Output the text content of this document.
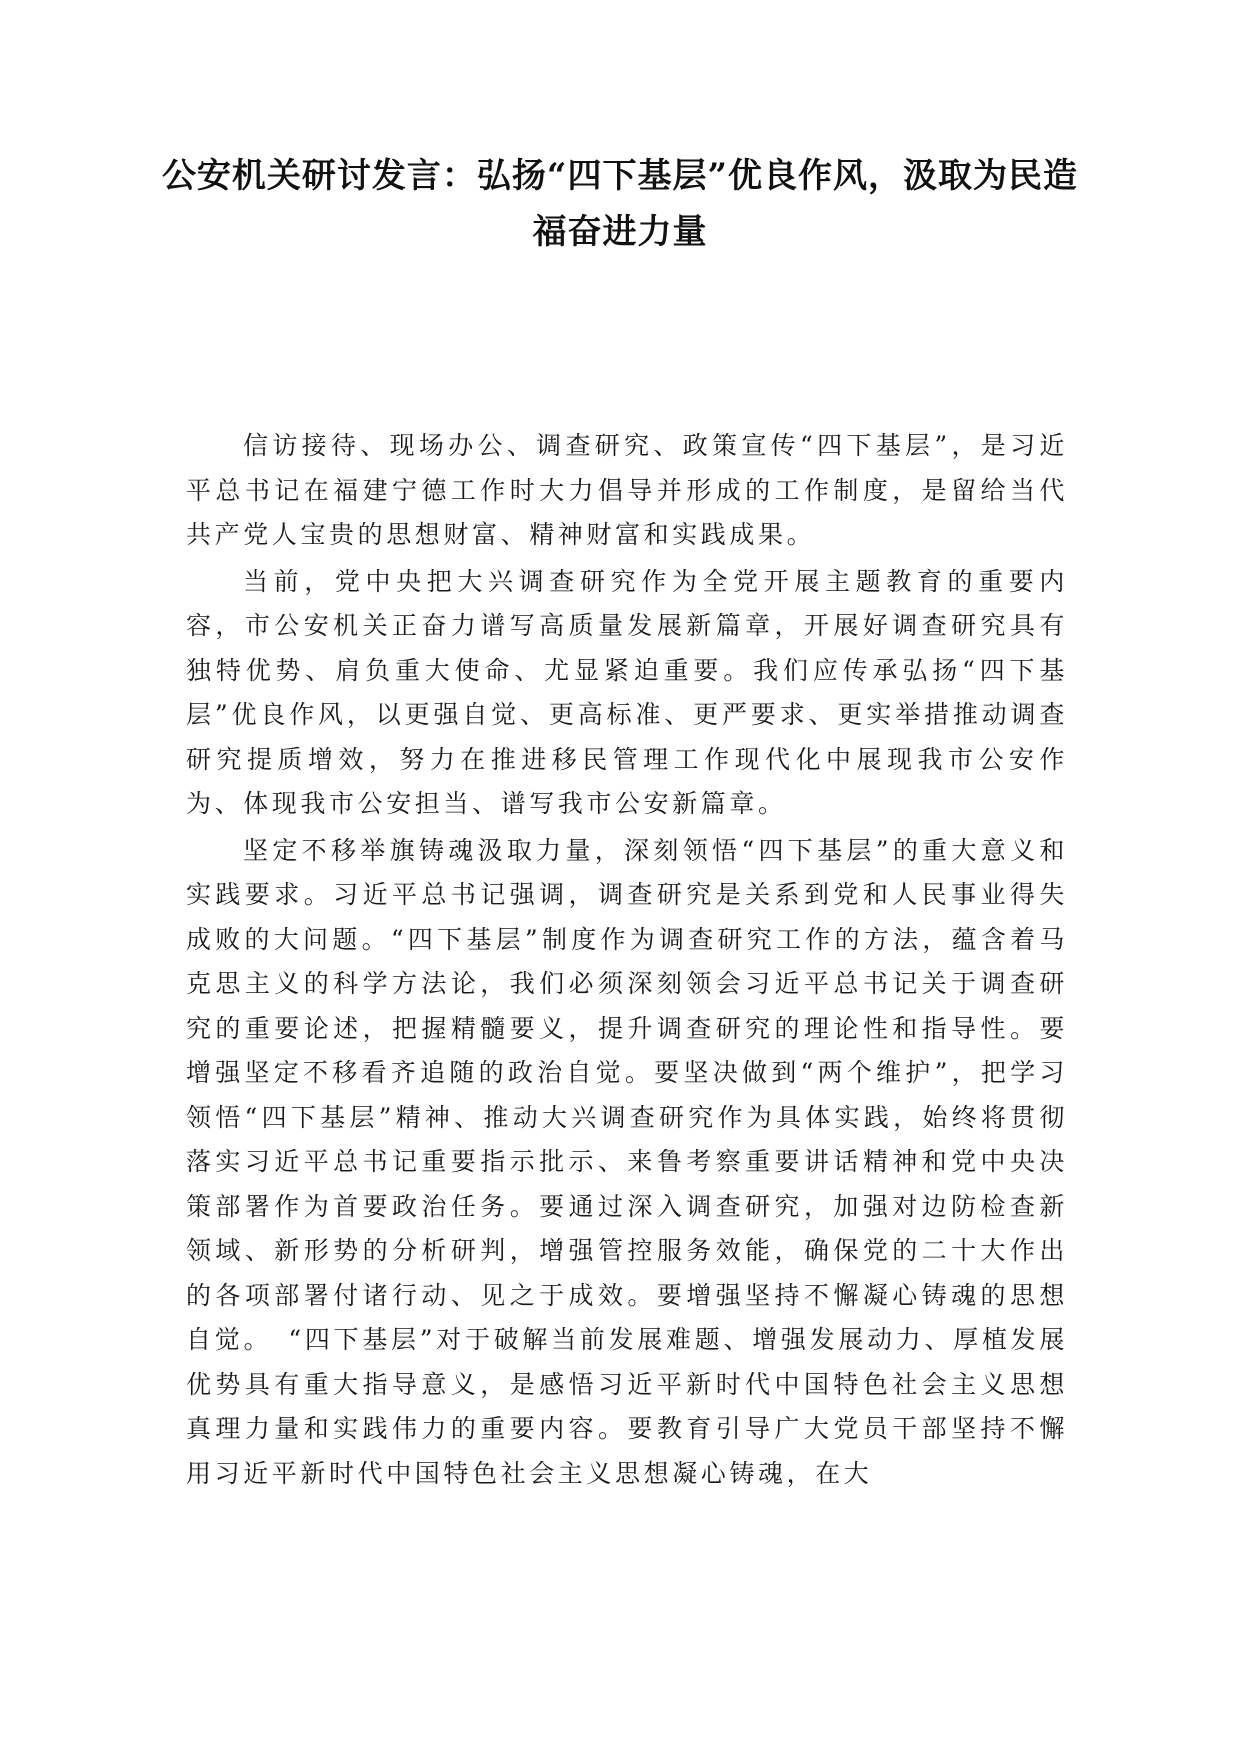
公安机关研讨发言：弘扬“四下基层”优良作风，汲取为民造福奋进力量

信访接待、现场办公、调查研究、政策宣传“四下基层”，是习近平总书记在福建宁德工作时大力倡导并形成的工作制度，是留给当代共产党人宝贵的思想财富、精神财富和实践成果。

当前，党中央把大兴调查研究作为全党开展主题教育的重要内容，市公安机关正奋力谱写高质量发展新篇章，开展好调查研究具有独特优势、肩负重大使命、尤显紧迫重要。我们应传承弘扬“四下基层”优良作风，以更强自觉、更高标准、更严要求、更实举措推动调查研究提质增效，努力在推进移民管理工作现代化中展现我市公安作为、体现我市公安担当、谱写我市公安新篇章。

坚定不移举旗铸魂汲取力量，深刻领悟“四下基层”的重大意义和实践要求。习近平总书记强调，调查研究是关系到党和人民事业得失成败的大问题。“四下基层”制度作为调查研究工作的方法，蕴含着马克思主义的科学方法论，我们必须深刻领会习近平总书记关于调查研究的重要论述，把握精髓要义，提升调查研究的理论性和指导性。要增强坚定不移看齐追随的政治自觉。要坚决做到“两个维护”，把学习领悟“四下基层”精神、推动大兴调查研究作为具体实践，始终将贯彻落实习近平总书记重要指示批示、来鲁考察重要讲话精神和党中央决策部署作为首要政治任务。要通过深入调查研究，加强对边防检查新领域、新形势的分析研判，增强管控服务效能，确保党的二十大作出的各项部署付诸行动、见之于成效。要增强坚持不懈凝心铸魂的思想自觉。　“四下基层”对于破解当前发展难题、增强发展动力、厚植发展优势具有重大指导意义，是感悟习近平新时代中国特色社会主义思想真理力量和实践伟力的重要内容。要教育引导广大党员干部坚持不懈用习近平新时代中国特色社会主义思想凝心铸魂，在大
